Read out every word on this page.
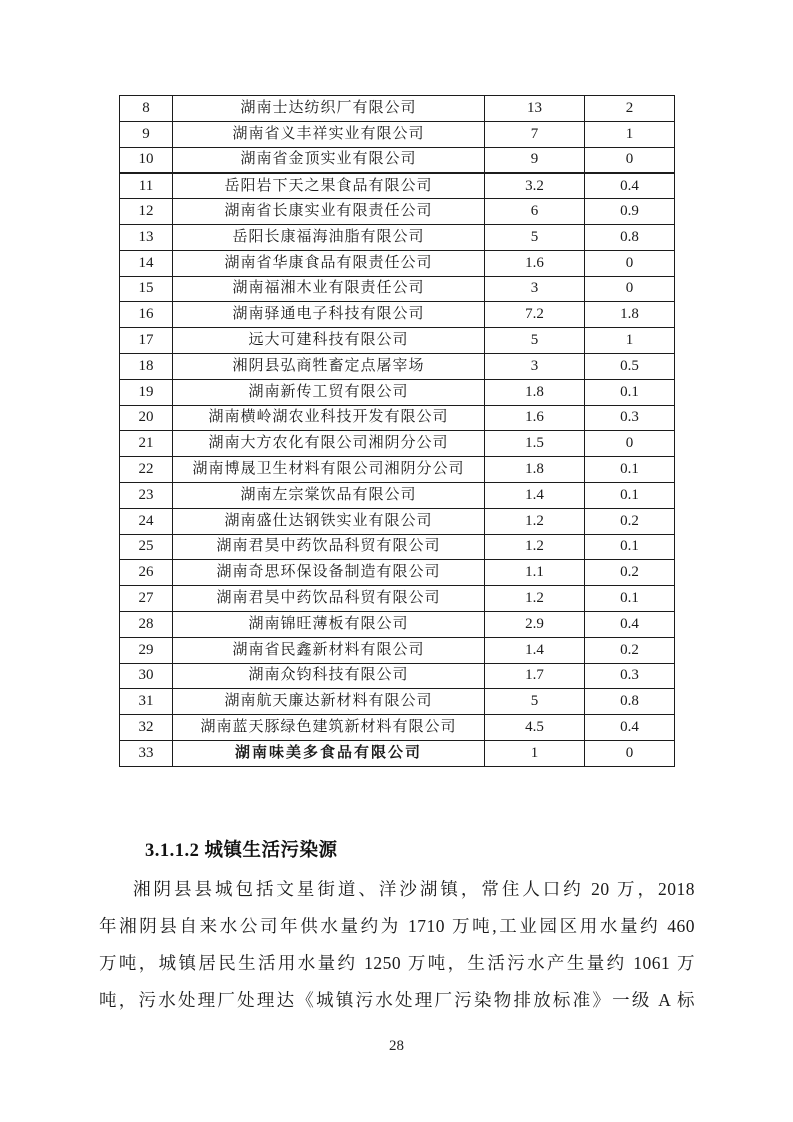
8	湖南士达纺织厂有限公司	13	2
9	湖南省义丰祥实业有限公司	7	1
10	湖南省金顶实业有限公司	9	0
11	岳阳岩下天之果食品有限公司	3.2	0.4
12	湖南省长康实业有限责任公司	6	0.9
13	岳阳长康福海油脂有限公司	5	0.8
14	湖南省华康食品有限责任公司	1.6	0
15	湖南福湘木业有限责任公司	3	0
16	湖南驿通电子科技有限公司	7.2	1.8
17	远大可建科技有限公司	5	1
18	湘阴县弘商牲畜定点屠宰场	3	0.5
19	湖南新传工贸有限公司	1.8	0.1
20	湖南横岭湖农业科技开发有限公司	1.6	0.3
21	湖南大方农化有限公司湘阴分公司	1.5	0
22	湖南博晟卫生材料有限公司湘阴分公司	1.8	0.1
23	湖南左宗棠饮品有限公司	1.4	0.1
24	湖南盛仕达钢铁实业有限公司	1.2	0.2
25	湖南君昊中药饮品科贸有限公司	1.2	0.1
26	湖南奇思环保设备制造有限公司	1.1	0.2
27	湖南君昊中药饮品科贸有限公司	1.2	0.1
28	湖南锦旺薄板有限公司	2.9	0.4
29	湖南省民鑫新材料有限公司	1.4	0.2
30	湖南众钧科技有限公司	1.7	0.3
31	湖南航天廉达新材料有限公司	5	0.8
32	湖南蓝天豚绿色建筑新材料有限公司	4.5	0.4
33	湖南味美多食品有限公司	1	0
3.1.1.2 城镇生活污染源
湘阴县县城包括文星街道、洋沙湖镇，常住人口约 20 万，2018
年湘阴县自来水公司年供水量约为 1710 万吨,工业园区用水量约 460
万吨，城镇居民生活用水量约 1250 万吨，生活污水产生量约 1061 万
吨，污水处理厂处理达《城镇污水处理厂污染物排放标准》一级 A 标
28
